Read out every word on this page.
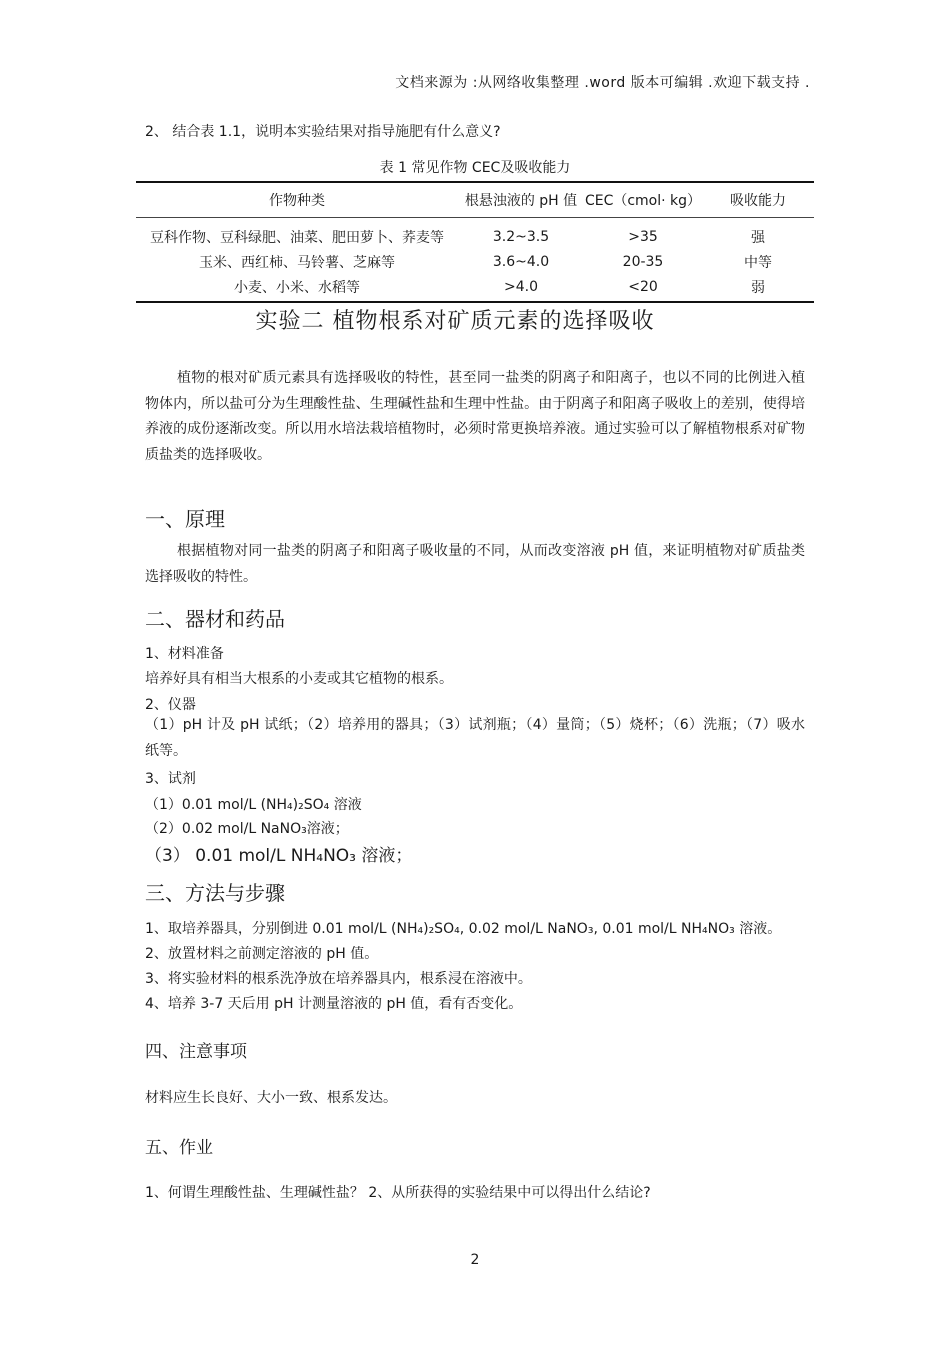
文档来源为 :从网络收集整理 .word 版本可编辑 .欢迎下载支持 .
2、 结合表 1.1，说明本实验结果对指导施肥有什么意义?
表 1 常见作物 CEC及吸收能力
作物种类	根悬浊液的 pH 值	CEC（cmol· kg）	吸收能力
豆科作物、豆科绿肥、油菜、肥田萝卜、荞麦等	3.2~3.5	>35	强
玉米、西红柿、马铃薯、芝麻等	3.6~4.0	20-35	中等
小麦、小米、水稻等	>4.0	<20	弱
实验二 植物根系对矿质元素的选择吸收

植物的根对矿质元素具有选择吸收的特性，甚至同一盐类的阴离子和阳离子，也以不同的比例进入植物体内，所以盐可分为生理酸性盐、生理碱性盐和生理中性盐。由于阴离子和阳离子吸收上的差别，使得培养液的成份逐渐改变。所以用水培法栽培植物时，必须时常更换培养液。通过实验可以了解植物根系对矿物质盐类的选择吸收。

一、原理

根据植物对同一盐类的阴离子和阳离子吸收量的不同，从而改变溶液 pH 值，来证明植物对矿质盐类选择吸收的特性。

二、器材和药品
1、材料准备
培养好具有相当大根系的小麦或其它植物的根系。
2、仪器

（1）pH 计及 pH 试纸；（2）培养用的器具；（3）试剂瓶；（4）量筒；（5）烧杯；（6）洗瓶；（7）吸水纸等。

3、试剂
（1）0.01 mol/L (NH₄)₂SO₄ 溶液
（2）0.02 mol/L NaNO₃溶液；
（3） 0.01 mol/L NH₄NO₃ 溶液；
三、方法与步骤
1、取培养器具，分别倒进 0.01 mol/L (NH₄)₂SO₄, 0.02 mol/L NaNO₃, 0.01 mol/L NH₄NO₃ 溶液。
2、放置材料之前测定溶液的 pH 值。
3、将实验材料的根系洗净放在培养器具内，根系浸在溶液中。
4、培养 3-7 天后用 pH 计测量溶液的 pH 值，看有否变化。
四、注意事项
材料应生长良好、大小一致、根系发达。
五、作业
1、何谓生理酸性盐、生理碱性盐？ 2、从所获得的实验结果中可以得出什么结论?
2
